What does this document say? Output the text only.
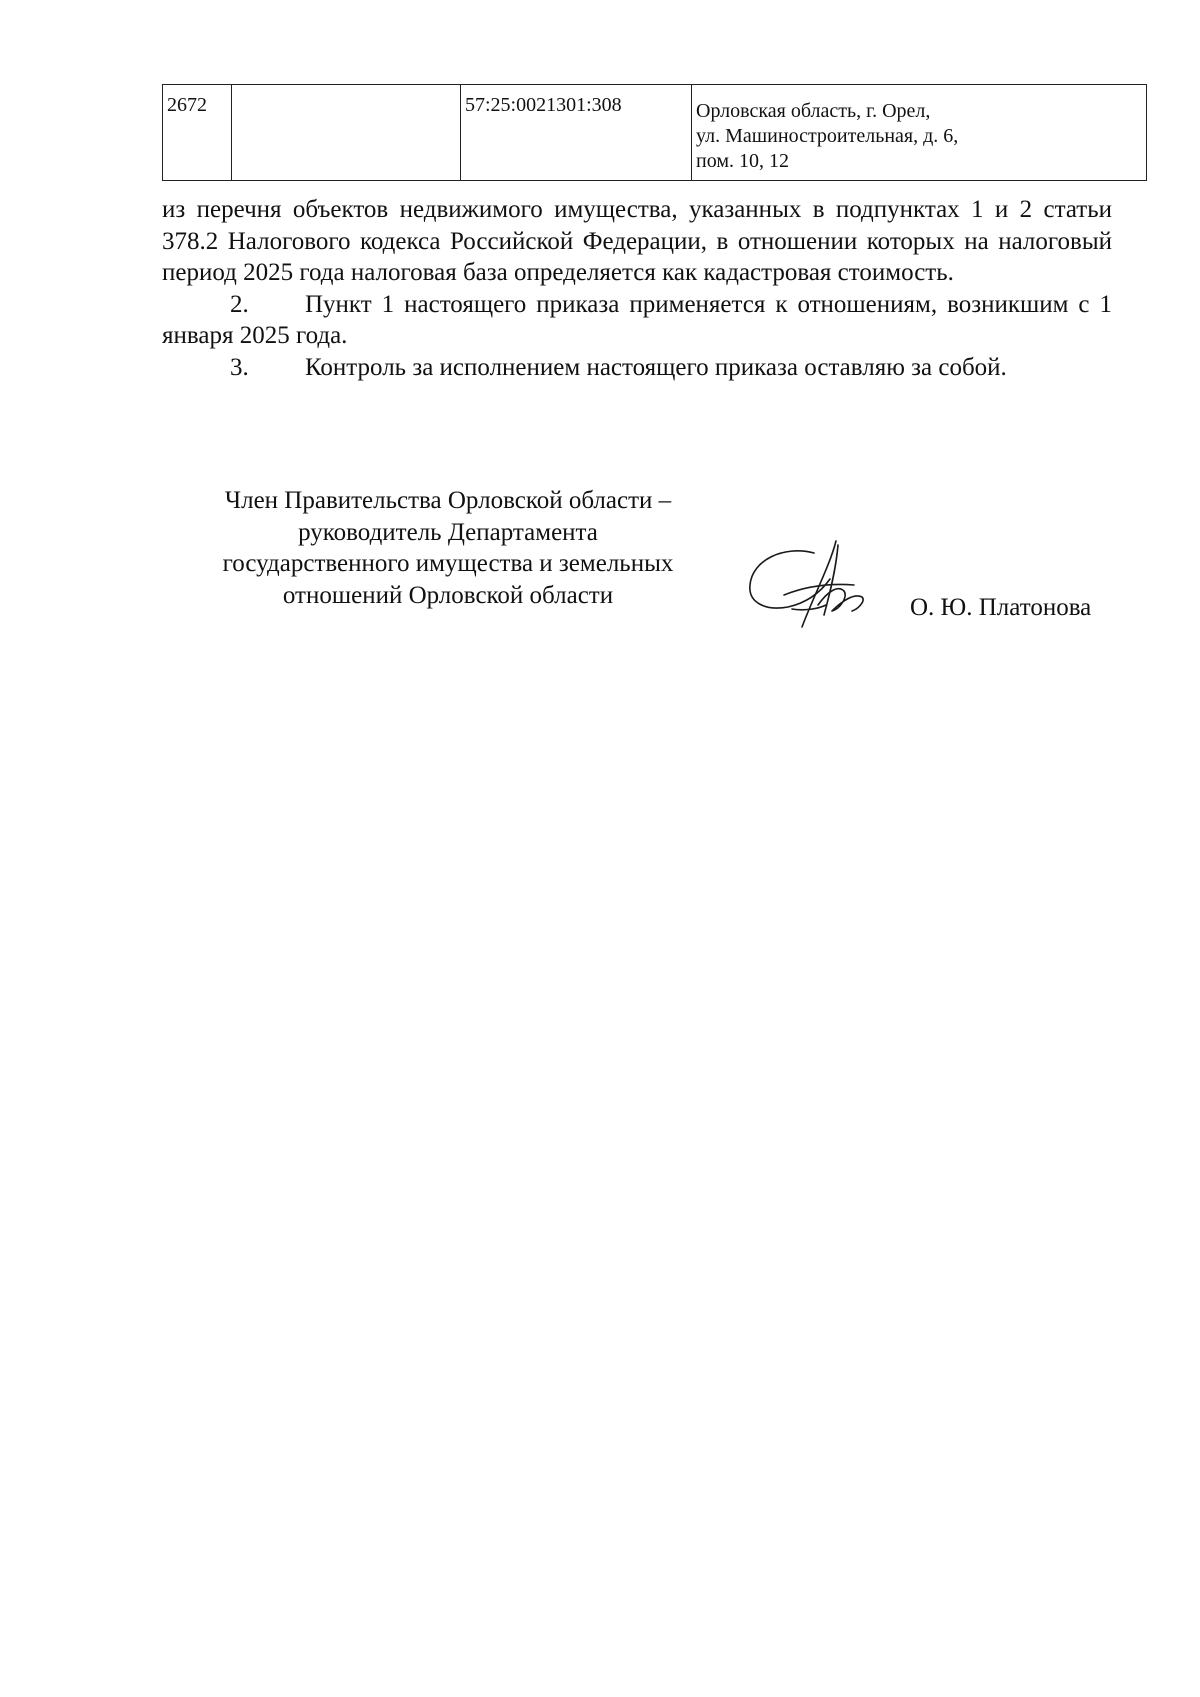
2672		57:25:0021301:308	Орловская область, г. Орел,
ул. Машиностроительная, д. 6,
пом. 10, 12

из перечня объектов недвижимого имущества, указанных в подпунктах 1 и 2 статьи 378.2 Налогового кодекса Российской Федерации, в отношении которых на налоговый период 2025 года налоговая база определяется как кадастровая стоимость.

2. Пункт 1 настоящего приказа применяется к отношениям, возникшим с 1 января 2025 года.

3. Контроль за исполнением настоящего приказа оставляю за собой.

Член Правительства Орловской области –
руководитель Департамента
государственного имущества и земельных
отношений Орловской области	О. Ю. Платонова
